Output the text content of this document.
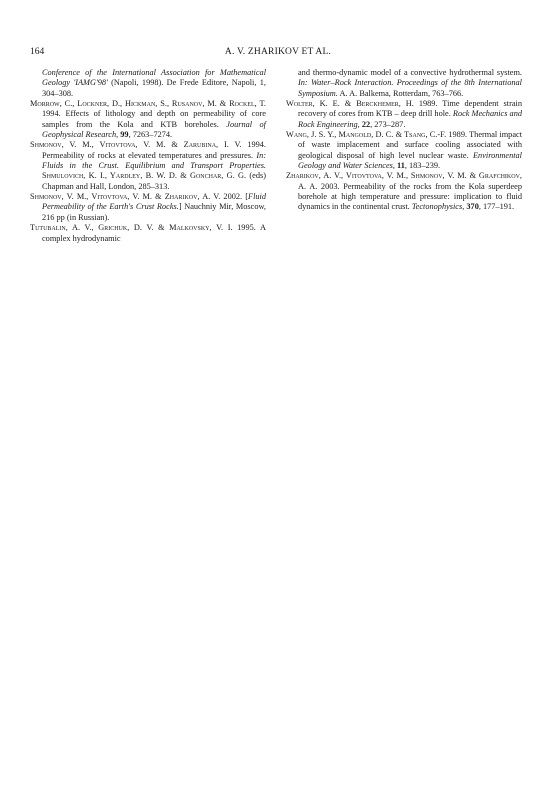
164	A. V. ZHARIKOV ET AL.

Conference of the International Association for Mathematical Geology 'IAMG'98' (Napoli, 1998). De Frede Editore, Napoli, 1, 304–308.

Morrow, C., Lockner, D., Hickman, S., Rusanov, M. & Rockel, T. 1994. Effects of lithology and depth on permeability of core samples from the Kola and KTB boreholes. Journal of Geophysical Research, 99, 7263–7274.

Shmonov, V. M., Vitovtova, V. M. & Zarubina, I. V. 1994. Permeability of rocks at elevated temperatures and pressures. In: Fluids in the Crust. Equilibrium and Transport Properties. Shmulovich, K. I., Yardley, B. W. D. & Gonchar, G. G. (eds) Chapman and Hall, London, 285–313.

Shmonov, V. M., Vitovtova, V. M. & Zharikov, A. V. 2002. [Fluid Permeability of the Earth's Crust Rocks.] Nauchniy Mir, Moscow, 216 pp (in Russian).

Tutubalin, A. V., Grichuk, D. V. & Malkovsky, V. I. 1995. A complex hydrodynamic

and thermo-dynamic model of a convective hydrothermal system. In: Water–Rock Interaction. Proceedings of the 8th International Symposium. A. A. Balkema, Rotterdam, 763–766.

Wolter, K. E. & Berckhemer, H. 1989. Time dependent strain recovery of cores from KTB – deep drill hole. Rock Mechanics and Rock Engineering, 22, 273–287.

Wang, J. S. Y., Mangold, D. C. & Tsang, C.-F. 1989. Thermal impact of waste implacement and surface cooling associated with geological disposal of high level nuclear waste. Environmental Geology and Water Sciences, 11, 183–239.

Zharikov, A. V., Vitovtova, V. M., Shmonov, V. M. & Grafchikov, A. A. 2003. Permeability of the rocks from the Kola superdeep borehole at high temperature and pressure: implication to fluid dynamics in the continental crust. Tectonophysics, 370, 177–191.
